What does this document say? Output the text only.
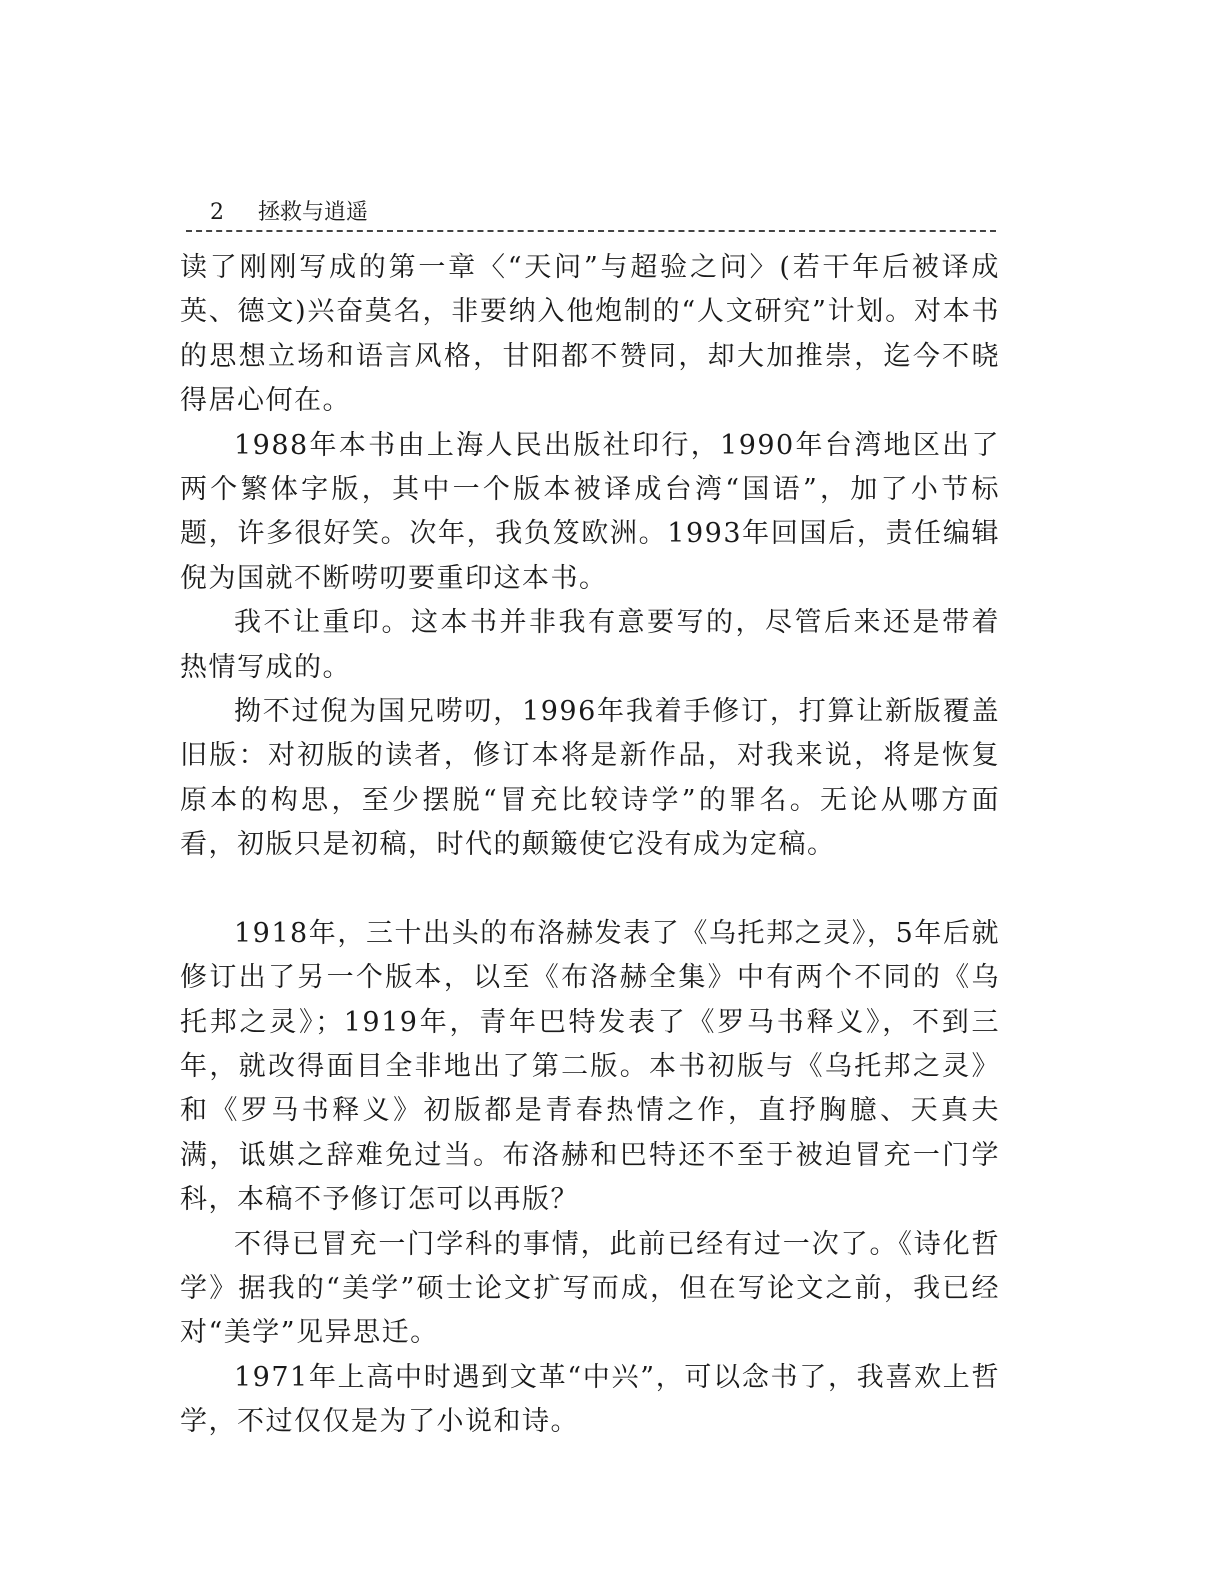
2 拯救与逍遥

读了刚刚写成的第一章〈“天问”与超验之问〉(若干年后被译成英、德文)兴奋莫名，非要纳入他炮制的“人文研究”计划。对本书的思想立场和语言风格，甘阳都不赞同，却大加推崇，迄今不晓得居心何在。

1988年本书由上海人民出版社印行，1990年台湾地区出了两个繁体字版，其中一个版本被译成台湾“国语”，加了小节标题，许多很好笑。次年，我负笈欧洲。1993年回国后，责任编辑倪为国就不断唠叨要重印这本书。

我不让重印。这本书并非我有意要写的，尽管后来还是带着热情写成的。

拗不过倪为国兄唠叨，1996年我着手修订，打算让新版覆盖旧版：对初版的读者，修订本将是新作品，对我来说，将是恢复原本的构思，至少摆脱“冒充比较诗学”的罪名。无论从哪方面看，初版只是初稿，时代的颠簸使它没有成为定稿。

1918年，三十出头的布洛赫发表了《乌托邦之灵》，5年后就修订出了另一个版本，以至《布洛赫全集》中有两个不同的《乌托邦之灵》；1919年，青年巴特发表了《罗马书释义》，不到三年，就改得面目全非地出了第二版。本书初版与《乌托邦之灵》和《罗马书释义》初版都是青春热情之作，直抒胸臆、天真夫满，诋娸之辞难免过当。布洛赫和巴特还不至于被迫冒充一门学科，本稿不予修订怎可以再版？

不得已冒充一门学科的事情，此前已经有过一次了。《诗化哲学》据我的“美学”硕士论文扩写而成，但在写论文之前，我已经对“美学”见异思迁。

1971年上高中时遇到文革“中兴”，可以念书了，我喜欢上哲学，不过仅仅是为了小说和诗。
